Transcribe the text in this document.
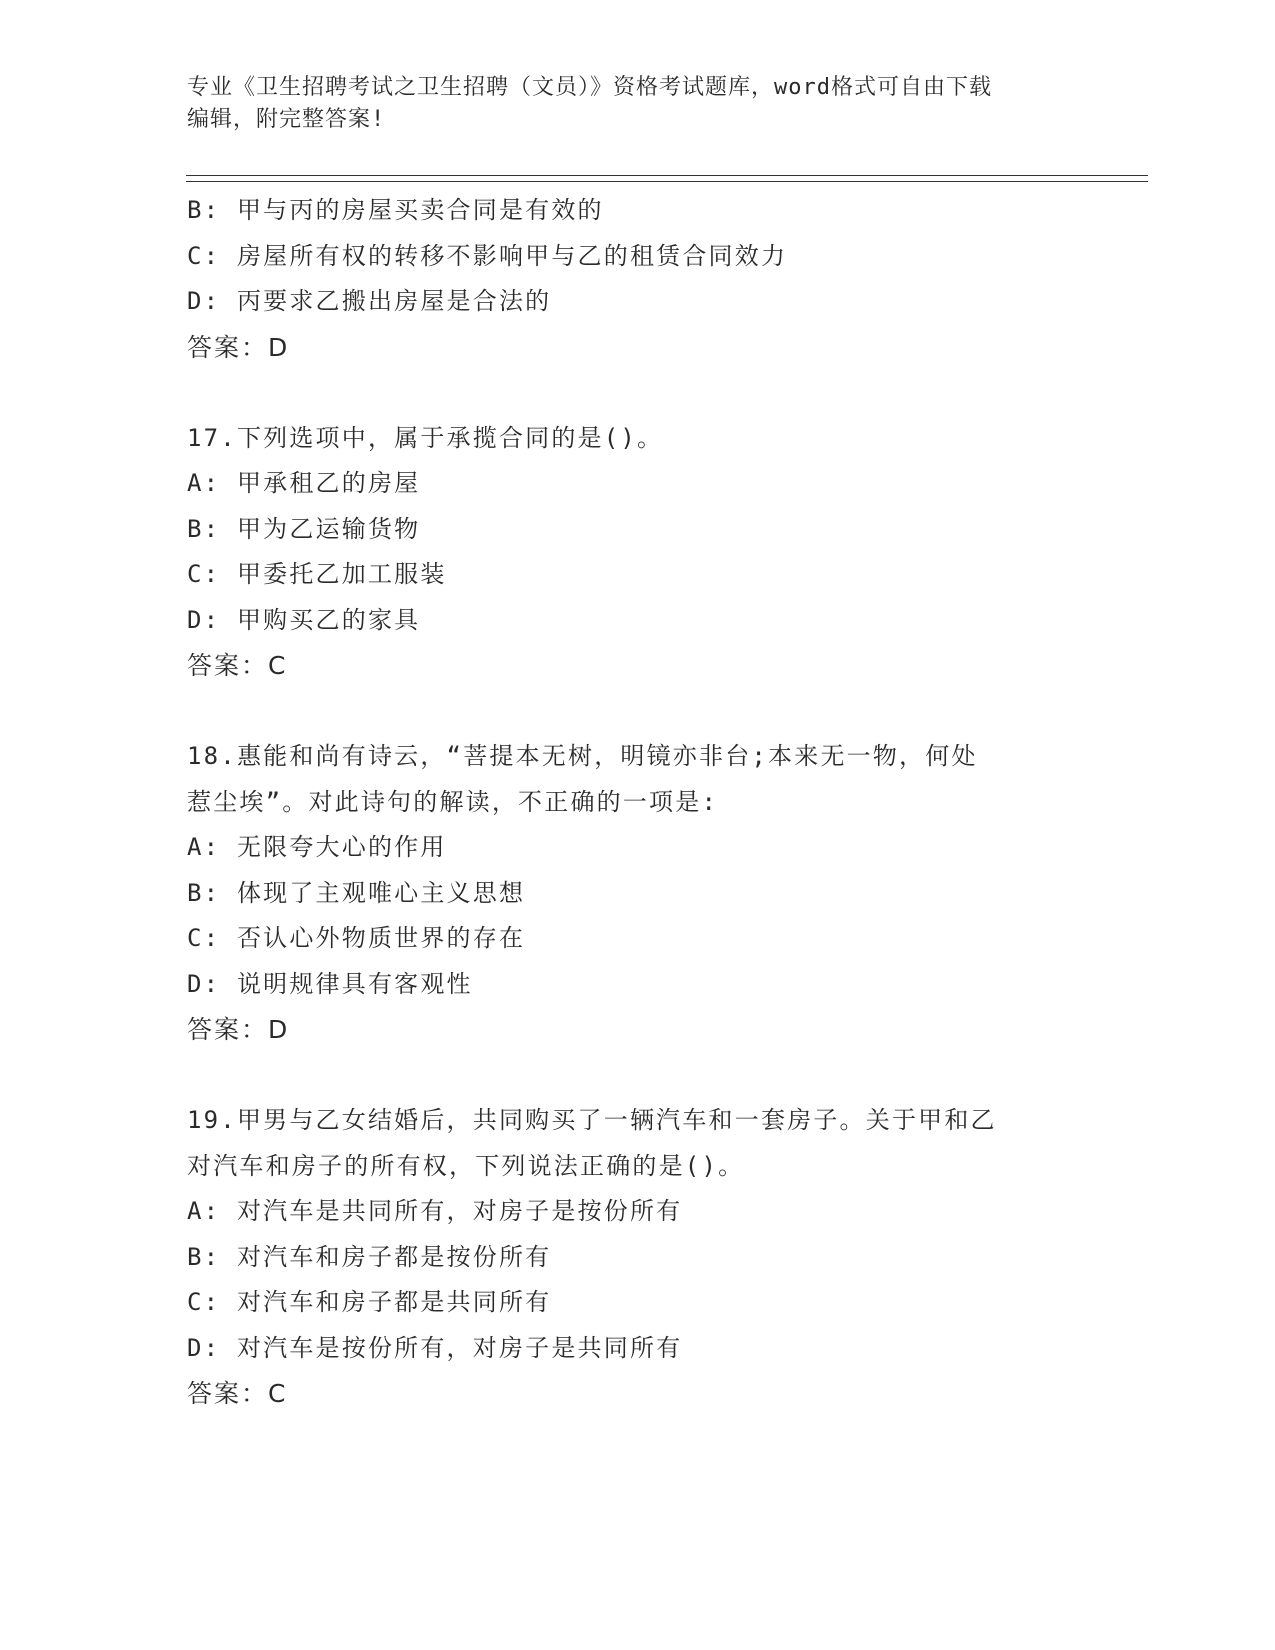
专业《卫生招聘考试之卫生招聘（文员）》资格考试题库，word格式可自由下载
编辑，附完整答案!
B: 甲与丙的房屋买卖合同是有效的
C: 房屋所有权的转移不影响甲与乙的租赁合同效力
D: 丙要求乙搬出房屋是合法的
答案：D
17.下列选项中，属于承揽合同的是()。
A: 甲承租乙的房屋
B: 甲为乙运输货物
C: 甲委托乙加工服装
D: 甲购买乙的家具
答案：C
18.惠能和尚有诗云，“菩提本无树，明镜亦非台;本来无一物，何处
惹尘埃”。对此诗句的解读，不正确的一项是:
A: 无限夸大心的作用
B: 体现了主观唯心主义思想
C: 否认心外物质世界的存在
D: 说明规律具有客观性
答案：D
19.甲男与乙女结婚后，共同购买了一辆汽车和一套房子。关于甲和乙
对汽车和房子的所有权，下列说法正确的是()。
A: 对汽车是共同所有，对房子是按份所有
B: 对汽车和房子都是按份所有
C: 对汽车和房子都是共同所有
D: 对汽车是按份所有，对房子是共同所有
答案：C
